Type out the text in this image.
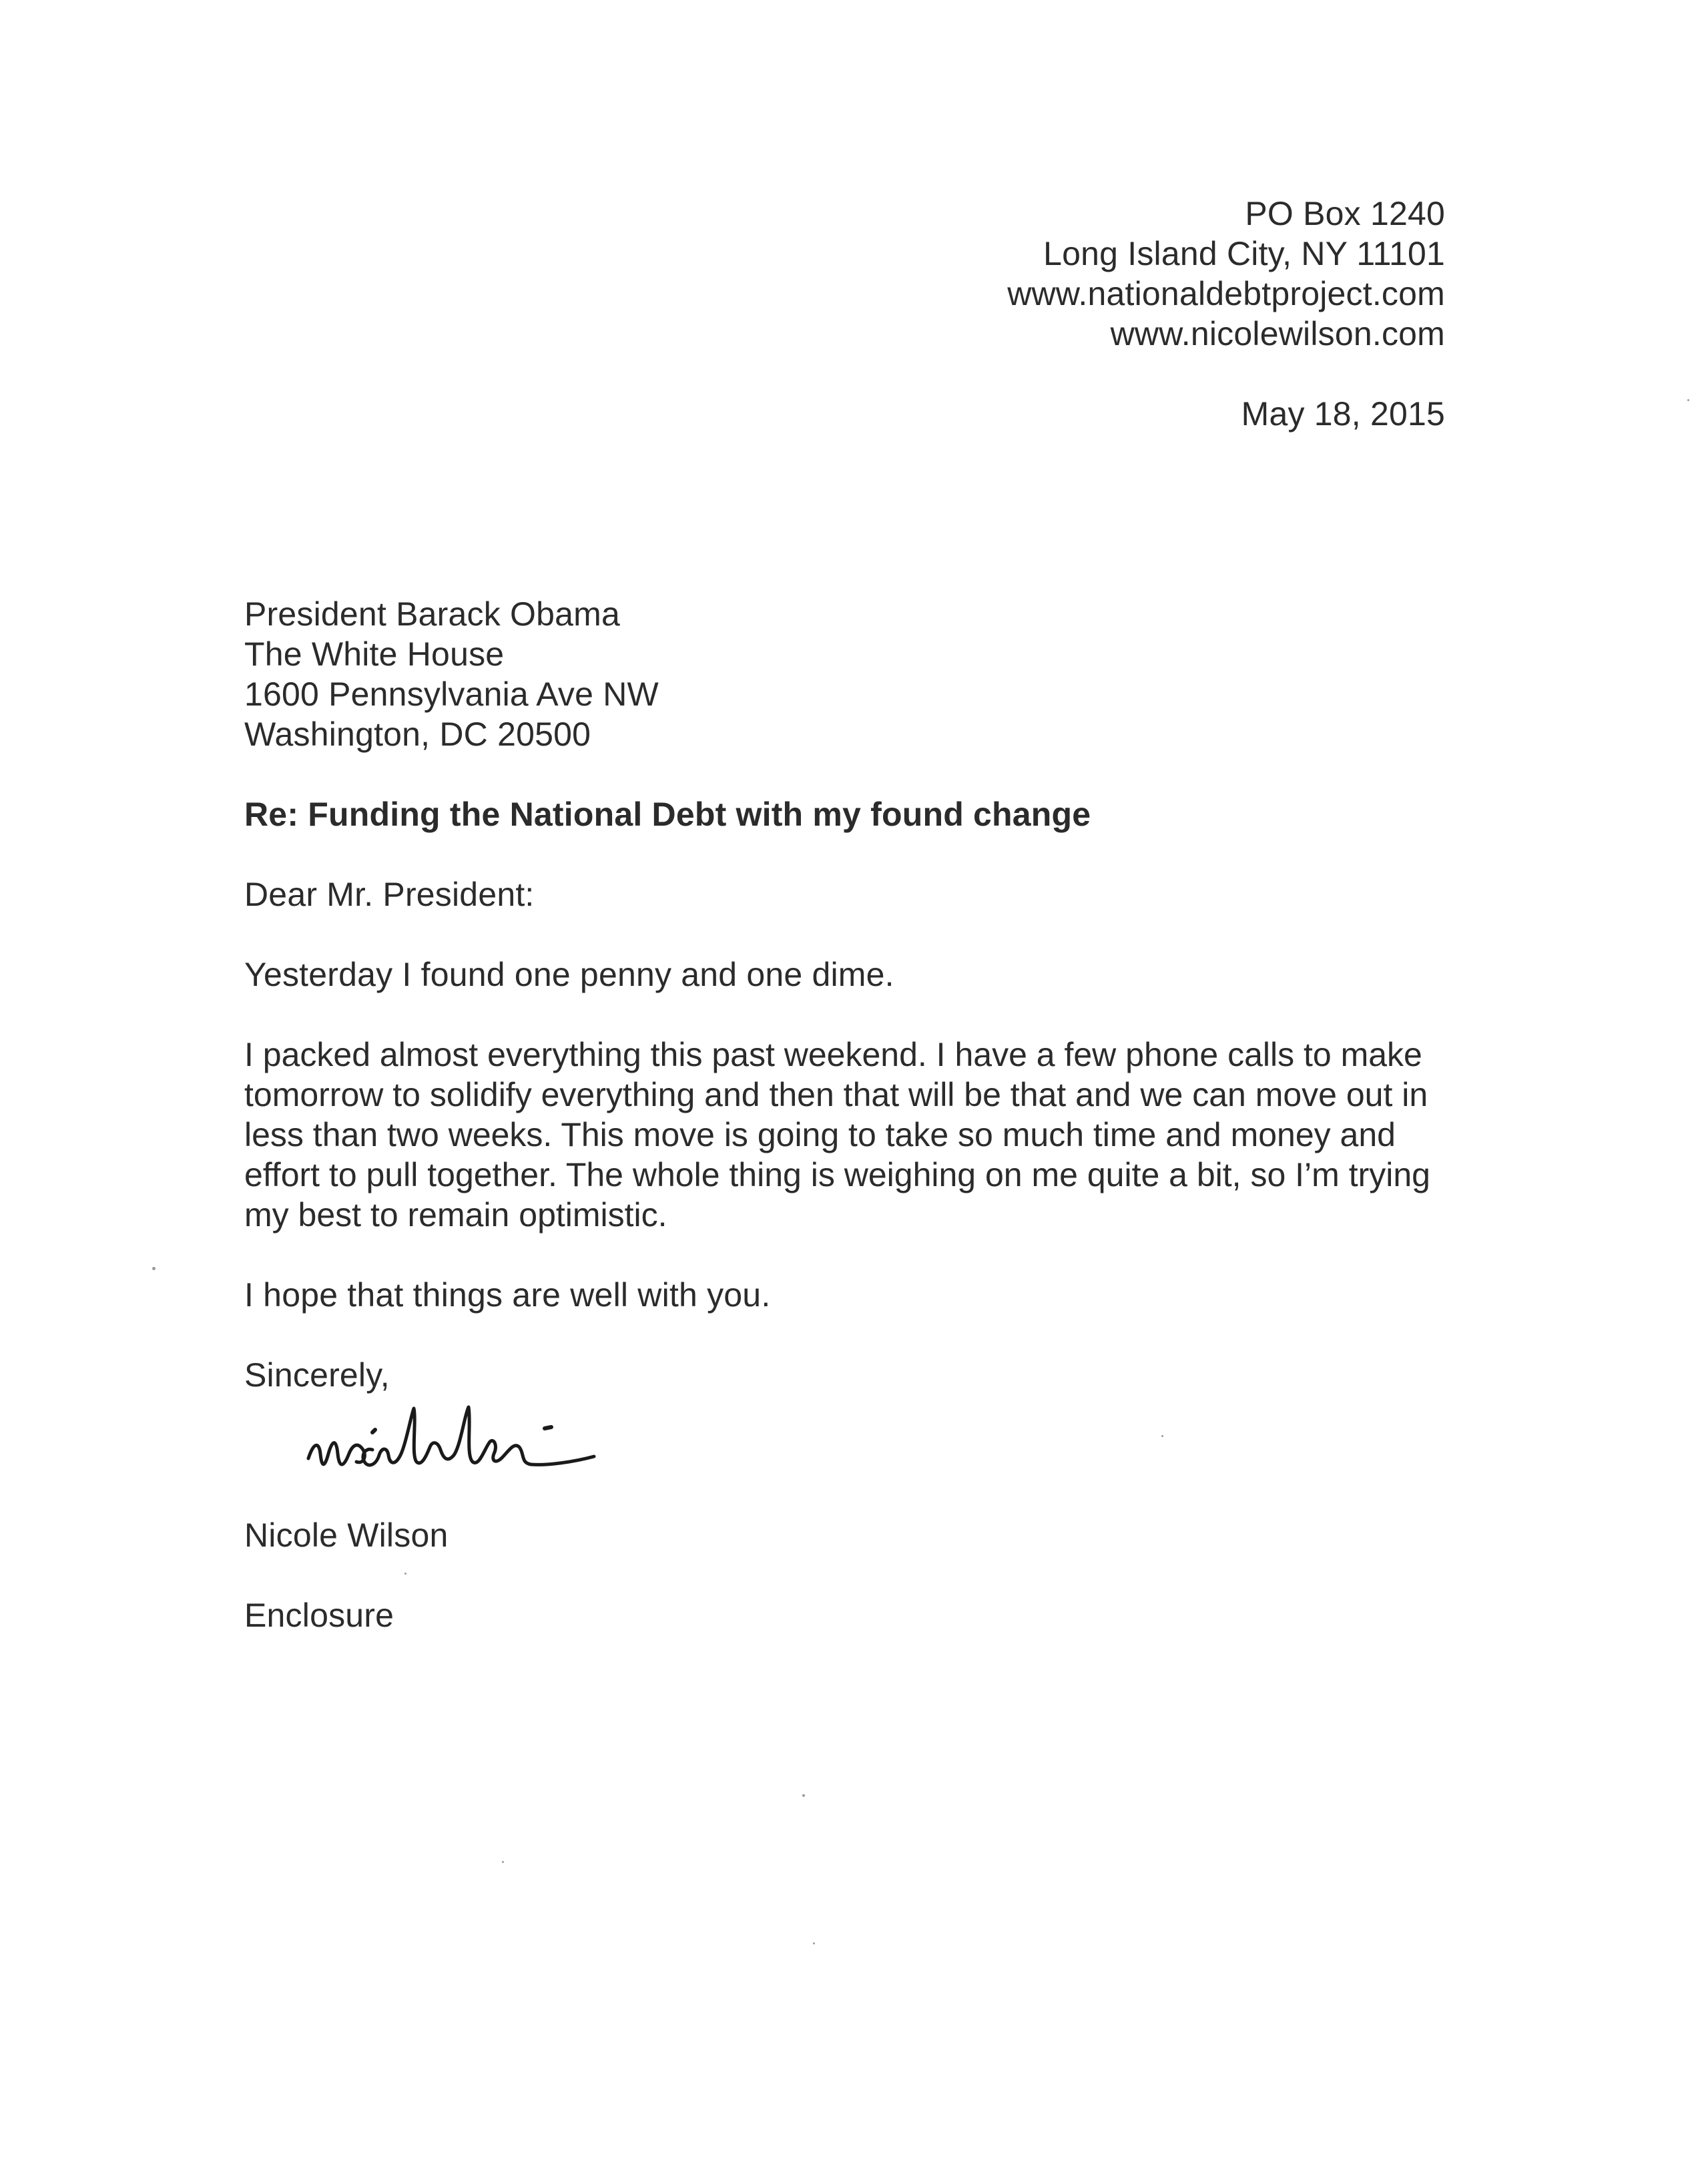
PO Box 1240
Long Island City, NY 11101
www.nationaldebtproject.com
www.nicolewilson.com
May 18, 2015
President Barack Obama
The White House
1600 Pennsylvania Ave NW
Washington, DC 20500
Re: Funding the National Debt with my found change
Dear Mr. President:
Yesterday I found one penny and one dime.
I packed almost everything this past weekend. I have a few phone calls to make
tomorrow to solidify everything and then that will be that and we can move out in
less than two weeks. This move is going to take so much time and money and
effort to pull together. The whole thing is weighing on me quite a bit, so I’m trying
my best to remain optimistic.
I hope that things are well with you.
Sincerely,
Nicole Wilson
Enclosure
